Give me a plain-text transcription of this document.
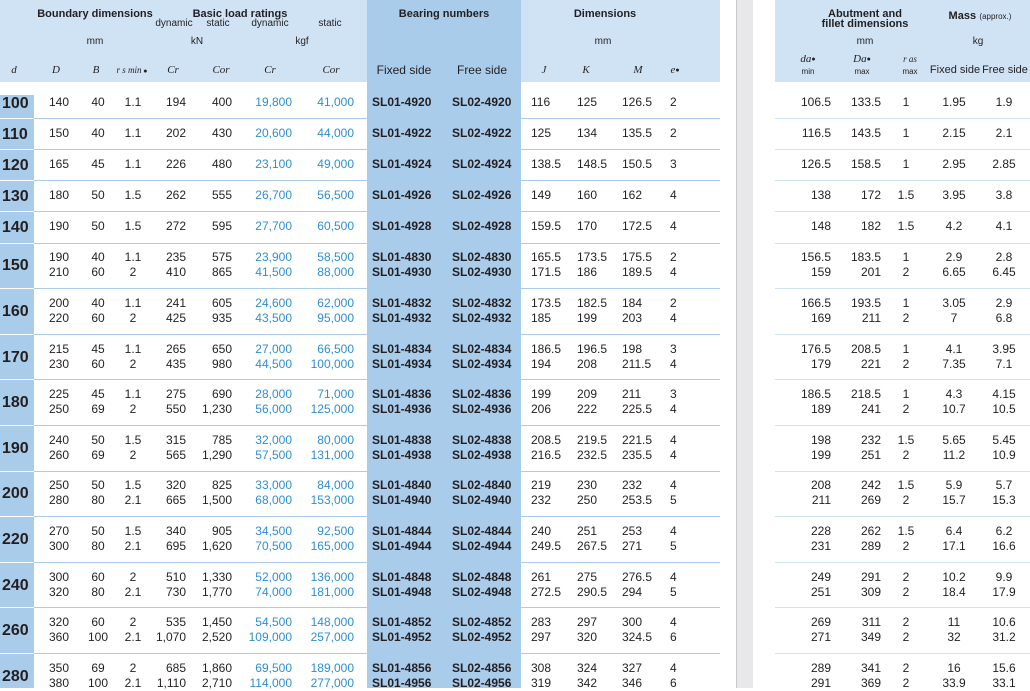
Boundary dimensions
mm
Basic load ratings
dynamic	static	dynamic	static
kN	kgf
Bearing numbers	Dimensions
mm
d	D	B	r s min ●	Cr	Cor	Cr	Cor	Fixed side	Free side	J	K	M	e●
100	140	40	1.1	194	400	19,800	41,000 SL01-4920	SL02-4920	116	125	126.5	2
110	150	40	1.1	202	430	20,600	44,000 SL01-4922	SL02-4922	125	134	135.5	2
120	165	45	1.1	226	480	23,100	49,000 SL01-4924	SL02-4924	138.5	148.5	150.5	3
130	180	50	1.5	262	555	26,700	56,500 SL01-4926	SL02-4926	149	160	162	4
140	190	50	1.5	272	595	27,700	60,500 SL01-4928	SL02-4928	159.5	170	172.5	4
150	190	40	1.1	235	575	23,900	58,500 SL01-4830	SL02-4830	165.5	173.5	175.5	2
210	60	2	410	865	41,500	88,000 SL01-4930	SL02-4930	171.5	186	189.5	4
160	200	40	1.1	241	605	24,600	62,000 SL01-4832	SL02-4832	173.5	182.5	184	2
220	60	2	425	935	43,500	95,000 SL01-4932	SL02-4932	185	199	203	4
170	215	45	1.1	265	650	27,000	66,500 SL01-4834	SL02-4834	186.5	196.5	198	3
230	60	2	435	980	44,500	100,000 SL01-4934	SL02-4934	194	208	211.5	4
180	225	45	1.1	275	690	28,000	71,000 SL01-4836	SL02-4836	199	209	211	3
250	69	2	550	1,230	56,000	125,000 SL01-4936	SL02-4936	206	222	225.5	4
190	240	50	1.5	315	785	32,000	80,000 SL01-4838	SL02-4838	208.5	219.5	221.5	4
260	69	2	565	1,290	57,500	131,000 SL01-4938	SL02-4938	216.5	232.5	235.5	4
200	250	50	1.5	320	825	33,000	84,000 SL01-4840	SL02-4840	219	230	232	4
280	80	2.1	665	1,500	68,000	153,000 SL01-4940	SL02-4940	232	250	253.5	5
220	270	50	1.5	340	905	34,500	92,500 SL01-4844	SL02-4844	240	251	253	4
300	80	2.1	695	1,620	70,500	165,000 SL01-4944	SL02-4944	249.5	267.5	271	5
240	300	60	2	510	1,330	52,000	136,000 SL01-4848	SL02-4848	261	275	276.5	4
320	80	2.1	730	1,770	74,000	181,000 SL01-4948	SL02-4948	272.5	290.5	294	5
260	320	60	2	535	1,450	54,500	148,000 SL01-4852	SL02-4852	283	297	300	4
360	100	2.1	1,070	2,520	109,000	257,000 SL01-4952	SL02-4952	297	320	324.5	6
280	350	69	2	685	1,860	69,500	189,000 SL01-4856	SL02-4856	308	324	327	4
380	100	2.1	1,110	2,710	114,000	277,000 SL01-4956	SL02-4956	319	342	346	6
Abutment and
fillet dimensions
mm
Mass (approx.)
kg
da●	Da●	r as
min	max	max	Fixed side Free side
106.5	133.5	1	1.95	1.9
116.5	143.5	1	2.15	2.1
126.5	158.5	1	2.95	2.85
138	172	1.5	3.95	3.8
148	182	1.5	4.2	4.1
156.5	183.5	1	2.9	2.8
159	201	2	6.65	6.45
166.5	193.5	1	3.05	2.9
169	211	2	7	6.8
176.5	208.5	1	4.1	3.95
179	221	2	7.35	7.1
186.5	218.5	1	4.3	4.15
189	241	2	10.7	10.5
198	232	1.5	5.65	5.45
199	251	2	11.2	10.9
208	242	1.5	5.9	5.7
211	269	2	15.7	15.3
228	262	1.5	6.4	6.2
231	289	2	17.1	16.6
249	291	2	10.2	9.9
251	309	2	18.4	17.9
269	311	2	11	10.6
271	349	2	32	31.2
289	341	2	16	15.6
291	369	2	33.9	33.1
